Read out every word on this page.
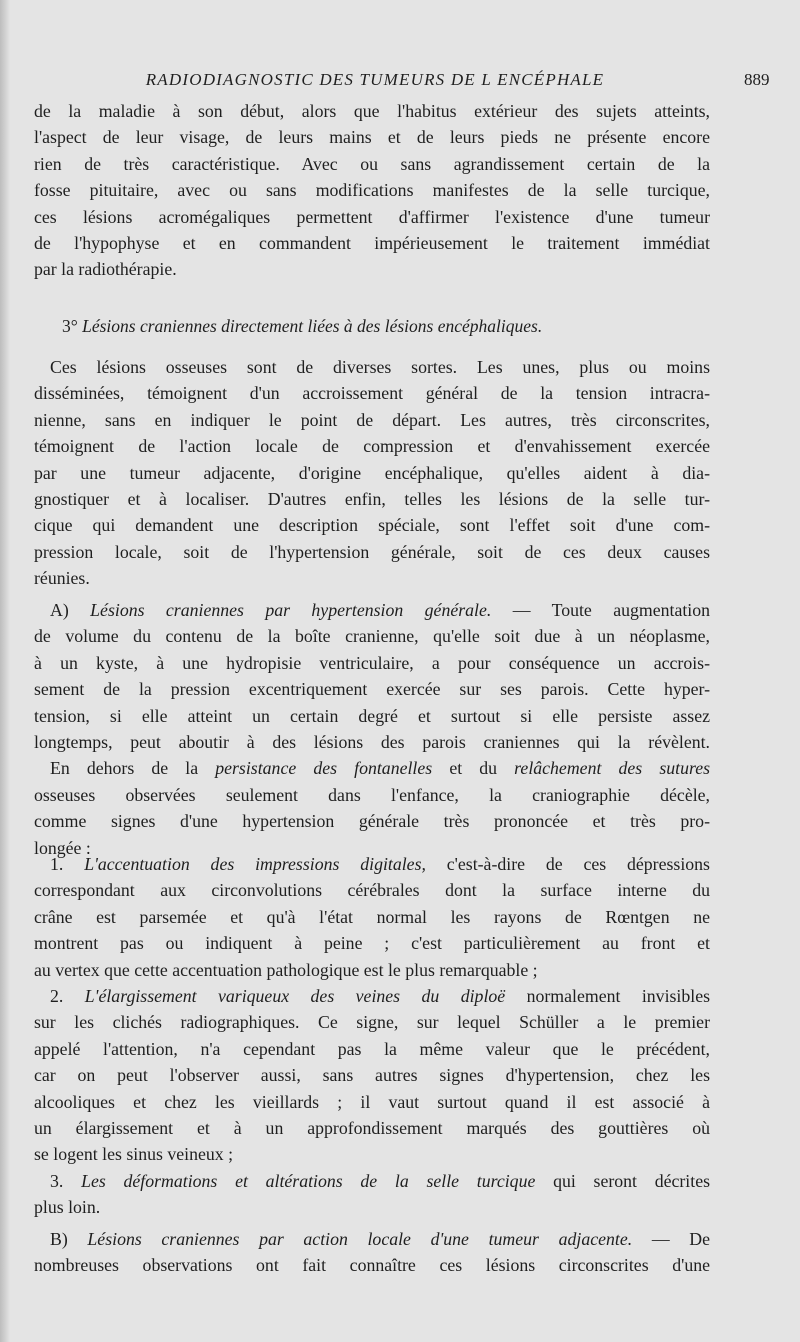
RADIODIAGNOSTIC DES TUMEURS DE L ENCÉPHALE	889
de la maladie à son début, alors que l'habitus extérieur des sujets atteints,
l'aspect de leur visage, de leurs mains et de leurs pieds ne présente encore
rien de très caractéristique. Avec ou sans agrandissement certain de la
fosse pituitaire, avec ou sans modifications manifestes de la selle turcique,
ces lésions acromégaliques permettent d'affirmer l'existence d'une tumeur
de l'hypophyse et en commandent impérieusement le traitement immédiat
par la radiothérapie.
3° Lésions craniennes directement liées à des lésions encéphaliques.
Ces lésions osseuses sont de diverses sortes. Les unes, plus ou moins
disséminées, témoignent d'un accroissement général de la tension intracra-
nienne, sans en indiquer le point de départ. Les autres, très circonscrites,
témoignent de l'action locale de compression et d'envahissement exercée
par une tumeur adjacente, d'origine encéphalique, qu'elles aident à dia-
gnostiquer et à localiser. D'autres enfin, telles les lésions de la selle tur-
cique qui demandent une description spéciale, sont l'effet soit d'une com-
pression locale, soit de l'hypertension générale, soit de ces deux causes
réunies.
A) Lésions craniennes par hypertension générale. — Toute augmentation
de volume du contenu de la boîte cranienne, qu'elle soit due à un néoplasme,
à un kyste, à une hydropisie ventriculaire, a pour conséquence un accrois-
sement de la pression excentriquement exercée sur ses parois. Cette hyper-
tension, si elle atteint un certain degré et surtout si elle persiste assez
longtemps, peut aboutir à des lésions des parois craniennes qui la révèlent.
En dehors de la persistance des fontanelles et du relâchement des sutures
osseuses observées seulement dans l'enfance, la craniographie décèle,
comme signes d'une hypertension générale très prononcée et très pro-
longée :
1. L'accentuation des impressions digitales, c'est-à-dire de ces dépressions
correspondant aux circonvolutions cérébrales dont la surface interne du
crâne est parsemée et qu'à l'état normal les rayons de Rœntgen ne
montrent pas ou indiquent à peine ; c'est particulièrement au front et
au vertex que cette accentuation pathologique est le plus remarquable ;
2. L'élargissement variqueux des veines du diploë normalement invisibles
sur les clichés radiographiques. Ce signe, sur lequel Schüller a le premier
appelé l'attention, n'a cependant pas la même valeur que le précédent,
car on peut l'observer aussi, sans autres signes d'hypertension, chez les
alcooliques et chez les vieillards ; il vaut surtout quand il est associé à
un élargissement et à un approfondissement marqués des gouttières où
se logent les sinus veineux ;
3. Les déformations et altérations de la selle turcique qui seront décrites
plus loin.
B) Lésions craniennes par action locale d'une tumeur adjacente. — De
nombreuses observations ont fait connaître ces lésions circonscrites d'une
